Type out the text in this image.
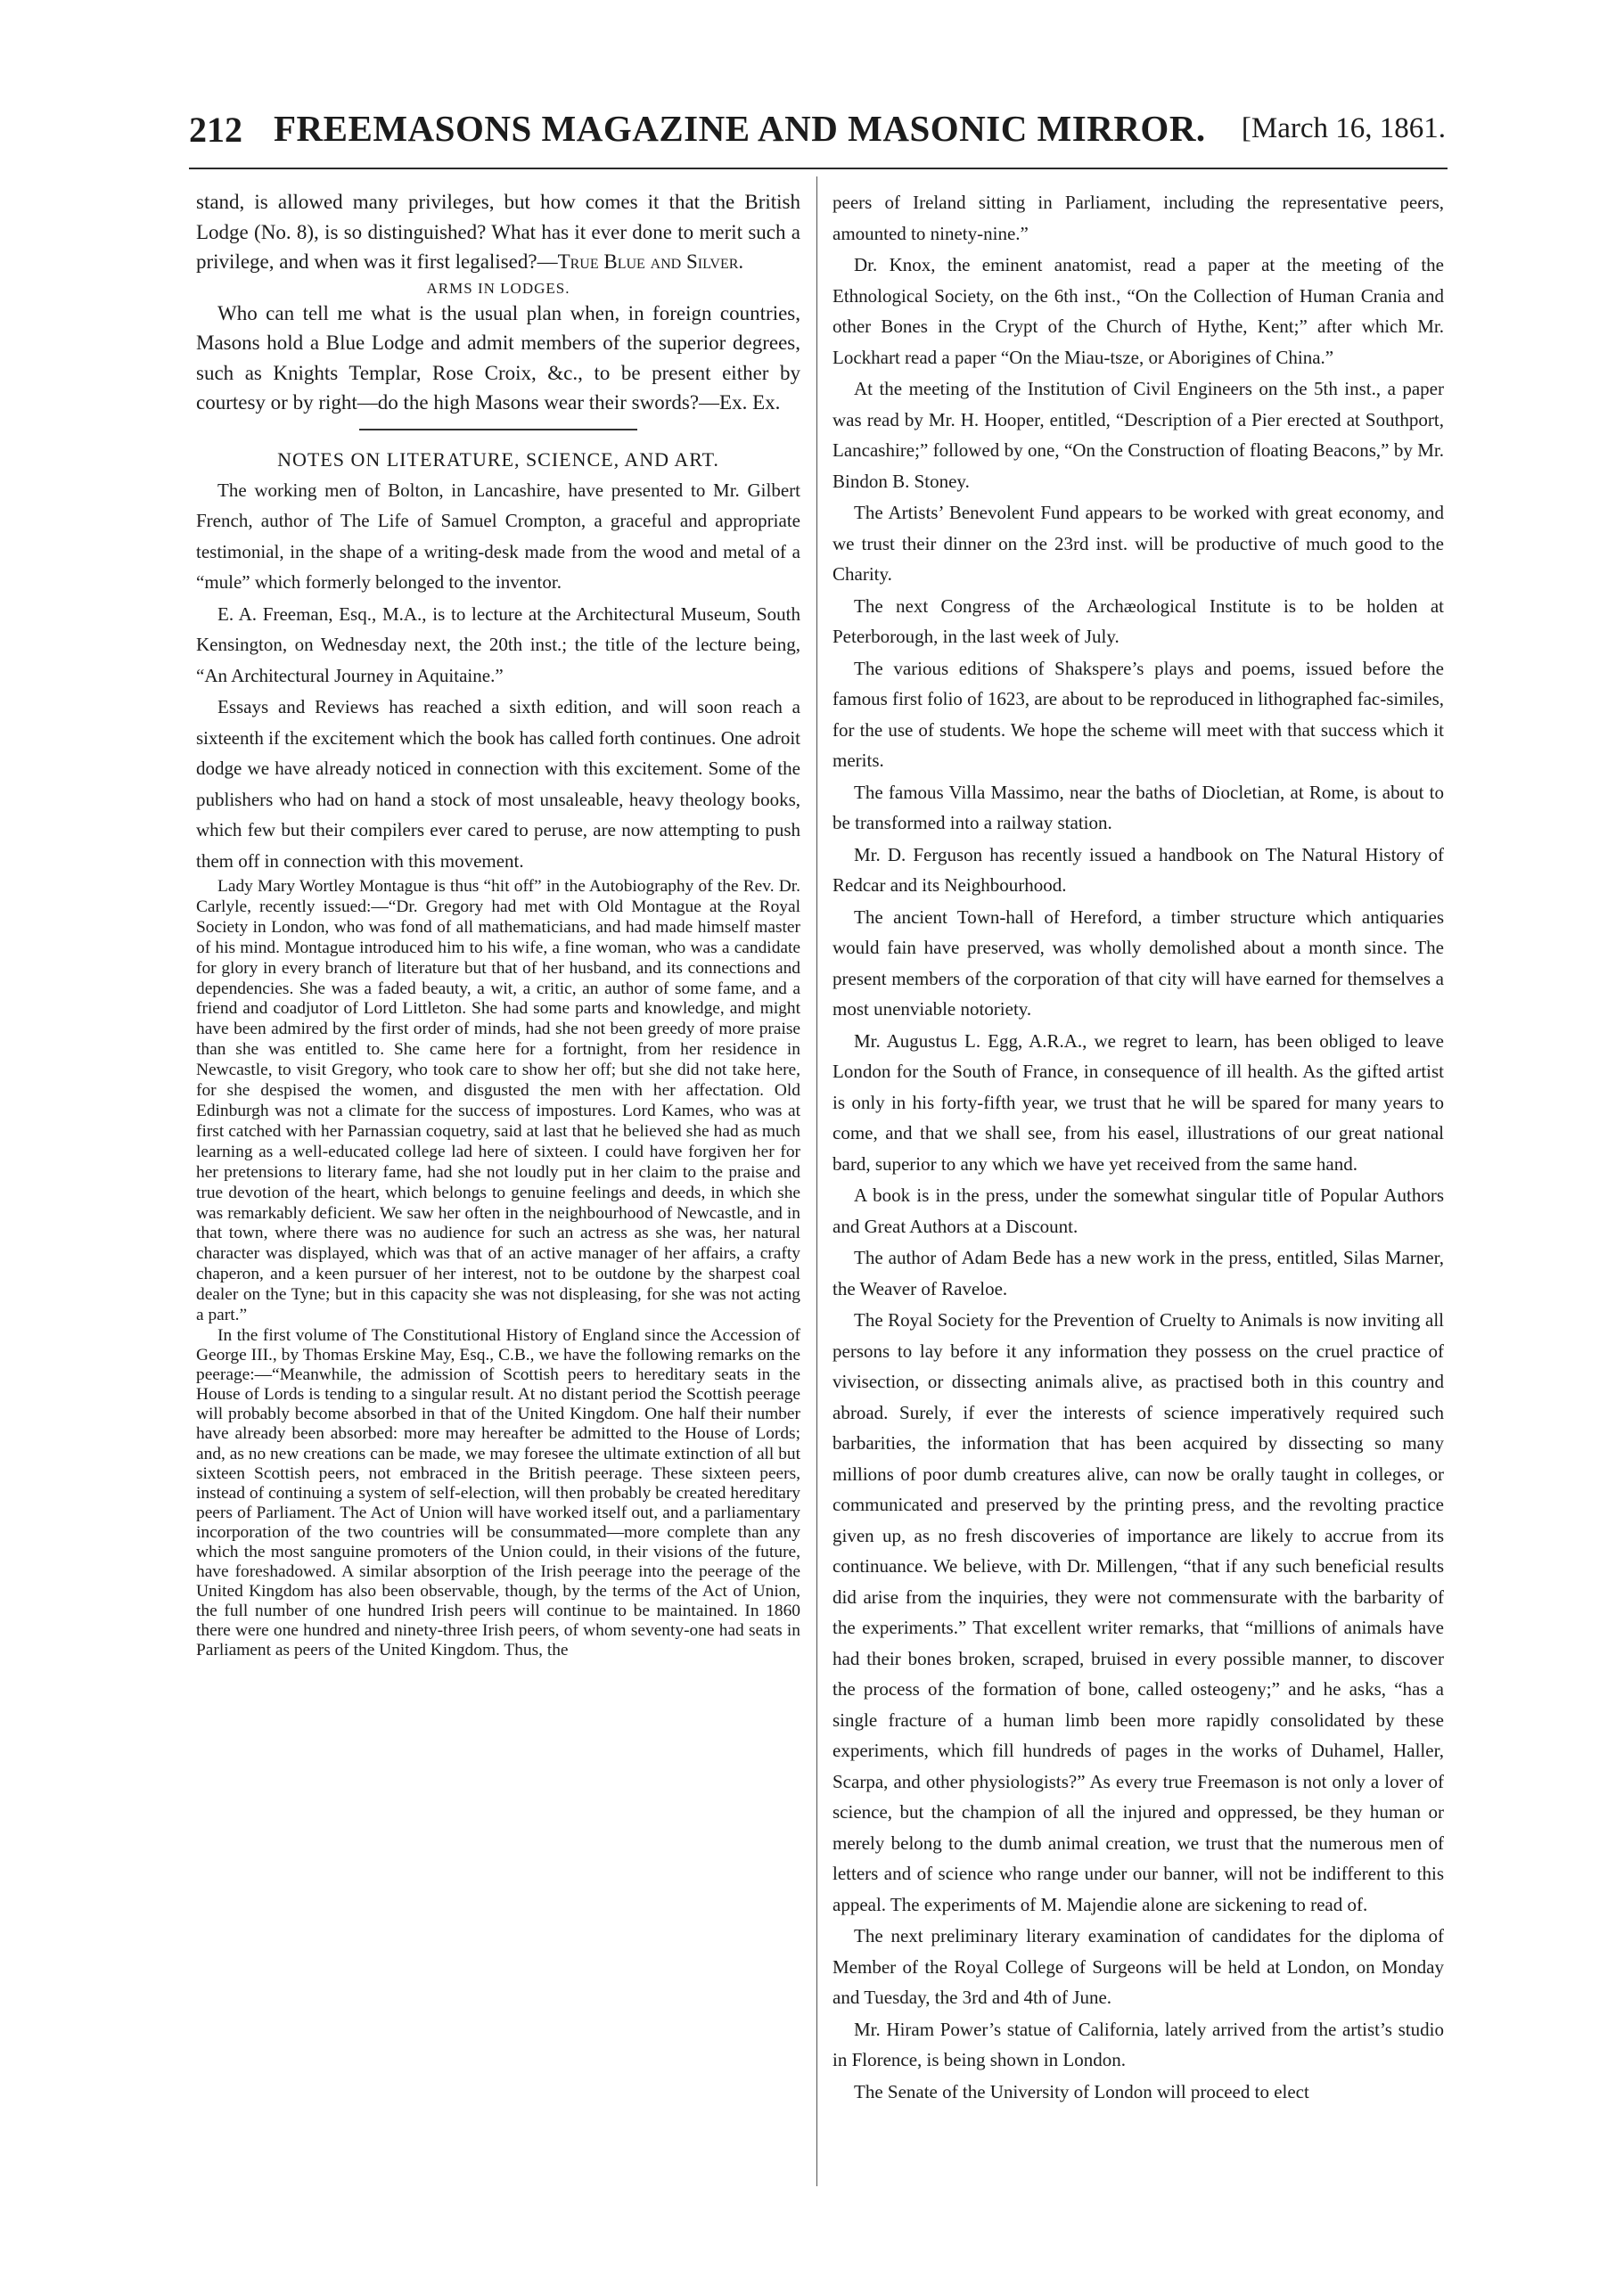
212 FREEMASONS MAGAZINE AND MASONIC MIRROR. [March 16, 1861.

stand, is allowed many privileges, but how comes it that the British Lodge (No. 8), is so distinguished? What has it ever done to merit such a privilege, and when was it first legalised?—True Blue and Silver.

ARMS IN LODGES.

Who can tell me what is the usual plan when, in foreign countries, Masons hold a Blue Lodge and admit members of the superior degrees, such as Knights Templar, Rose Croix, &c., to be present either by courtesy or by right—do the high Masons wear their swords?—Ex. Ex.

NOTES ON LITERATURE, SCIENCE, AND ART.

The working men of Bolton, in Lancashire, have presented to Mr. Gilbert French, author of The Life of Samuel Crompton, a graceful and appropriate testimonial, in the shape of a writing-desk made from the wood and metal of a “mule” which formerly belonged to the inventor.

E. A. Freeman, Esq., M.A., is to lecture at the Architectural Museum, South Kensington, on Wednesday next, the 20th inst.; the title of the lecture being, “An Architectural Journey in Aquitaine.”

Essays and Reviews has reached a sixth edition, and will soon reach a sixteenth if the excitement which the book has called forth continues. One adroit dodge we have already noticed in connection with this excitement. Some of the publishers who had on hand a stock of most unsaleable, heavy theology books, which few but their compilers ever cared to peruse, are now attempting to push them off in connection with this movement.

Lady Mary Wortley Montague is thus “hit off” in the Autobiography of the Rev. Dr. Carlyle, recently issued:—“Dr. Gregory had met with Old Montague at the Royal Society in London, who was fond of all mathematicians, and had made himself master of his mind. Montague introduced him to his wife, a fine woman, who was a candidate for glory in every branch of literature but that of her husband, and its connections and dependencies. She was a faded beauty, a wit, a critic, an author of some fame, and a friend and coadjutor of Lord Littleton. She had some parts and knowledge, and might have been admired by the first order of minds, had she not been greedy of more praise than she was entitled to. She came here for a fortnight, from her residence in Newcastle, to visit Gregory, who took care to show her off; but she did not take here, for she despised the women, and disgusted the men with her affectation. Old Edinburgh was not a climate for the success of impostures. Lord Kames, who was at first catched with her Parnassian coquetry, said at last that he believed she had as much learning as a well-educated college lad here of sixteen. I could have forgiven her for her pretensions to literary fame, had she not loudly put in her claim to the praise and true devotion of the heart, which belongs to genuine feelings and deeds, in which she was remarkably deficient. We saw her often in the neighbourhood of Newcastle, and in that town, where there was no audience for such an actress as she was, her natural character was displayed, which was that of an active manager of her affairs, a crafty chaperon, and a keen pursuer of her interest, not to be outdone by the sharpest coal dealer on the Tyne; but in this capacity she was not displeasing, for she was not acting a part.”

In the first volume of The Constitutional History of England since the Accession of George III., by Thomas Erskine May, Esq., C.B., we have the following remarks on the peerage:—“Meanwhile, the admission of Scottish peers to hereditary seats in the House of Lords is tending to a singular result. At no distant period the Scottish peerage will probably become absorbed in that of the United Kingdom. One half their number have already been absorbed: more may hereafter be admitted to the House of Lords; and, as no new creations can be made, we may foresee the ultimate extinction of all but sixteen Scottish peers, not embraced in the British peerage. These sixteen peers, instead of continuing a system of self-election, will then probably be created hereditary peers of Parliament. The Act of Union will have worked itself out, and a parliamentary incorporation of the two countries will be consummated—more complete than any which the most sanguine promoters of the Union could, in their visions of the future, have foreshadowed. A similar absorption of the Irish peerage into the peerage of the United Kingdom has also been observable, though, by the terms of the Act of Union, the full number of one hundred Irish peers will continue to be maintained. In 1860 there were one hundred and ninety-three Irish peers, of whom seventy-one had seats in Parliament as peers of the United Kingdom. Thus, the

peers of Ireland sitting in Parliament, including the representative peers, amounted to ninety-nine.”

Dr. Knox, the eminent anatomist, read a paper at the meeting of the Ethnological Society, on the 6th inst., “On the Collection of Human Crania and other Bones in the Crypt of the Church of Hythe, Kent;” after which Mr. Lockhart read a paper “On the Miau-tsze, or Aborigines of China.”

At the meeting of the Institution of Civil Engineers on the 5th inst., a paper was read by Mr. H. Hooper, entitled, “Description of a Pier erected at Southport, Lancashire;” followed by one, “On the Construction of floating Beacons,” by Mr. Bindon B. Stoney.

The Artists’ Benevolent Fund appears to be worked with great economy, and we trust their dinner on the 23rd inst. will be productive of much good to the Charity.

The next Congress of the Archæological Institute is to be holden at Peterborough, in the last week of July.

The various editions of Shakspere’s plays and poems, issued before the famous first folio of 1623, are about to be reproduced in lithographed fac-similes, for the use of students. We hope the scheme will meet with that success which it merits.

The famous Villa Massimo, near the baths of Diocletian, at Rome, is about to be transformed into a railway station.

Mr. D. Ferguson has recently issued a handbook on The Natural History of Redcar and its Neighbourhood.

The ancient Town-hall of Hereford, a timber structure which antiquaries would fain have preserved, was wholly demolished about a month since. The present members of the corporation of that city will have earned for themselves a most unenviable notoriety.

Mr. Augustus L. Egg, A.R.A., we regret to learn, has been obliged to leave London for the South of France, in consequence of ill health. As the gifted artist is only in his forty-fifth year, we trust that he will be spared for many years to come, and that we shall see, from his easel, illustrations of our great national bard, superior to any which we have yet received from the same hand.

A book is in the press, under the somewhat singular title of Popular Authors and Great Authors at a Discount.

The author of Adam Bede has a new work in the press, entitled, Silas Marner, the Weaver of Raveloe.

The Royal Society for the Prevention of Cruelty to Animals is now inviting all persons to lay before it any information they possess on the cruel practice of vivisection, or dissecting animals alive, as practised both in this country and abroad. Surely, if ever the interests of science imperatively required such barbarities, the information that has been acquired by dissecting so many millions of poor dumb creatures alive, can now be orally taught in colleges, or communicated and preserved by the printing press, and the revolting practice given up, as no fresh discoveries of importance are likely to accrue from its continuance. We believe, with Dr. Millengen, “that if any such beneficial results did arise from the inquiries, they were not commensurate with the barbarity of the experiments.” That excellent writer remarks, that “millions of animals have had their bones broken, scraped, bruised in every possible manner, to discover the process of the formation of bone, called osteogeny;” and he asks, “has a single fracture of a human limb been more rapidly consolidated by these experiments, which fill hundreds of pages in the works of Duhamel, Haller, Scarpa, and other physiologists?” As every true Freemason is not only a lover of science, but the champion of all the injured and oppressed, be they human or merely belong to the dumb animal creation, we trust that the numerous men of letters and of science who range under our banner, will not be indifferent to this appeal. The experiments of M. Majendie alone are sickening to read of.

The next preliminary literary examination of candidates for the diploma of Member of the Royal College of Surgeons will be held at London, on Monday and Tuesday, the 3rd and 4th of June.

Mr. Hiram Power’s statue of California, lately arrived from the artist’s studio in Florence, is being shown in London.

The Senate of the University of London will proceed to elect
